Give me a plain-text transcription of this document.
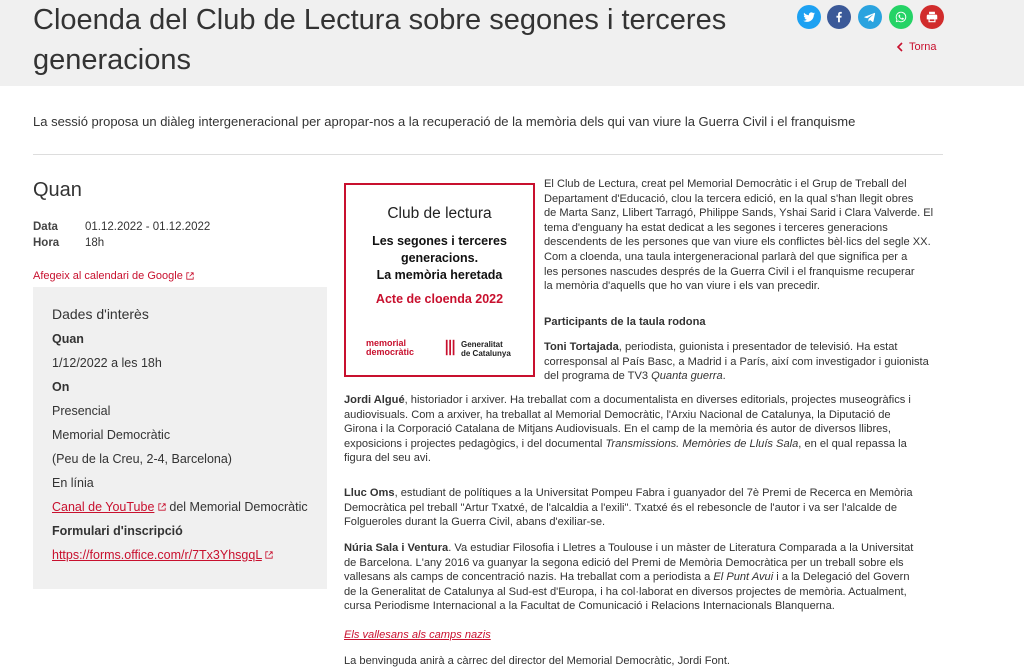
Cloenda del Club de Lectura sobre segones i terceres generacions	Torna
La sessió proposa un diàleg intergeneracional per apropar-nos a la recuperació de la memòria dels qui van viure la Guerra Civil i el franquisme
Quan
Data 01.12.2022 - 01.12.2022
Hora 18h
Afegeix al calendari de Google
Dades d'interès
Quan
1/12/2022 a les 18h
On
Presencial
Memorial Democràtic
(Peu de la Creu, 2-4, Barcelona)
En línia
Canal de YouTube  del Memorial Democràtic
Formulari d'inscripció
https://forms.office.com/r/7Tx3YhsgqL
Club de lectura
Les segones i terceres
generacions.
La memòria heretada
Acte de cloenda 2022
memorial
democràtic
Generalitat
de Catalunya
El Club de Lectura, creat pel Memorial Democràtic i el Grup de Treball del
Departament d'Educació, clou la tercera edició, en la qual s'han llegit obres
de Marta Sanz, Llibert Tarragó, Philippe Sands, Yshai Sarid i Clara Valverde. El
tema d'enguany ha estat dedicat a les segones i terceres generacions
descendents de les persones que van viure els conflictes bèl·lics del segle XX.
Com a cloenda, una taula intergeneracional parlarà del que significa per a
les persones nascudes després de la Guerra Civil i el franquisme recuperar
la memòria d'aquells que ho van viure i els van precedir.
Participants de la taula rodona
Toni Tortajada, periodista, guionista i presentador de televisió. Ha estat
corresponsal al País Basc, a Madrid i a París, així com investigador i guionista
del programa de TV3 Quanta guerra.
Jordi Algué, historiador i arxiver. Ha treballat com a documentalista en diverses editorials, projectes museogràfics i
audiovisuals. Com a arxiver, ha treballat al Memorial Democràtic, l'Arxiu Nacional de Catalunya, la Diputació de
Girona i la Corporació Catalana de Mitjans Audiovisuals. En el camp de la memòria és autor de diversos llibres,
exposicions i projectes pedagògics, i del documental Transmissions. Memòries de Lluís Sala, en el qual repassa la
figura del seu avi.
Lluc Oms, estudiant de polítiques a la Universitat Pompeu Fabra i guanyador del 7è Premi de Recerca en Memòria
Democràtica pel treball "Artur Txatxé, de l'alcaldia a l'exili". Txatxé és el rebesoncle de l'autor i va ser l'alcalde de
Folgueroles durant la Guerra Civil, abans d'exiliar-se.
Núria Sala i Ventura. Va estudiar Filosofia i Lletres a Toulouse i un màster de Literatura Comparada a la Universitat
de Barcelona. L'any 2016 va guanyar la segona edició del Premi de Memòria Democràtica per un treball sobre els
vallesans als camps de concentració nazis. Ha treballat com a periodista a El Punt Avui i a la Delegació del Govern
de la Generalitat de Catalunya al Sud-est d'Europa, i ha col·laborat en diversos projectes de memòria. Actualment,
cursa Periodisme Internacional a la Facultat de Comunicació i Relacions Internacionals Blanquerna.
Els vallesans als camps nazis
La benvinguda anirà a càrrec del director del Memorial Democràtic, Jordi Font.
